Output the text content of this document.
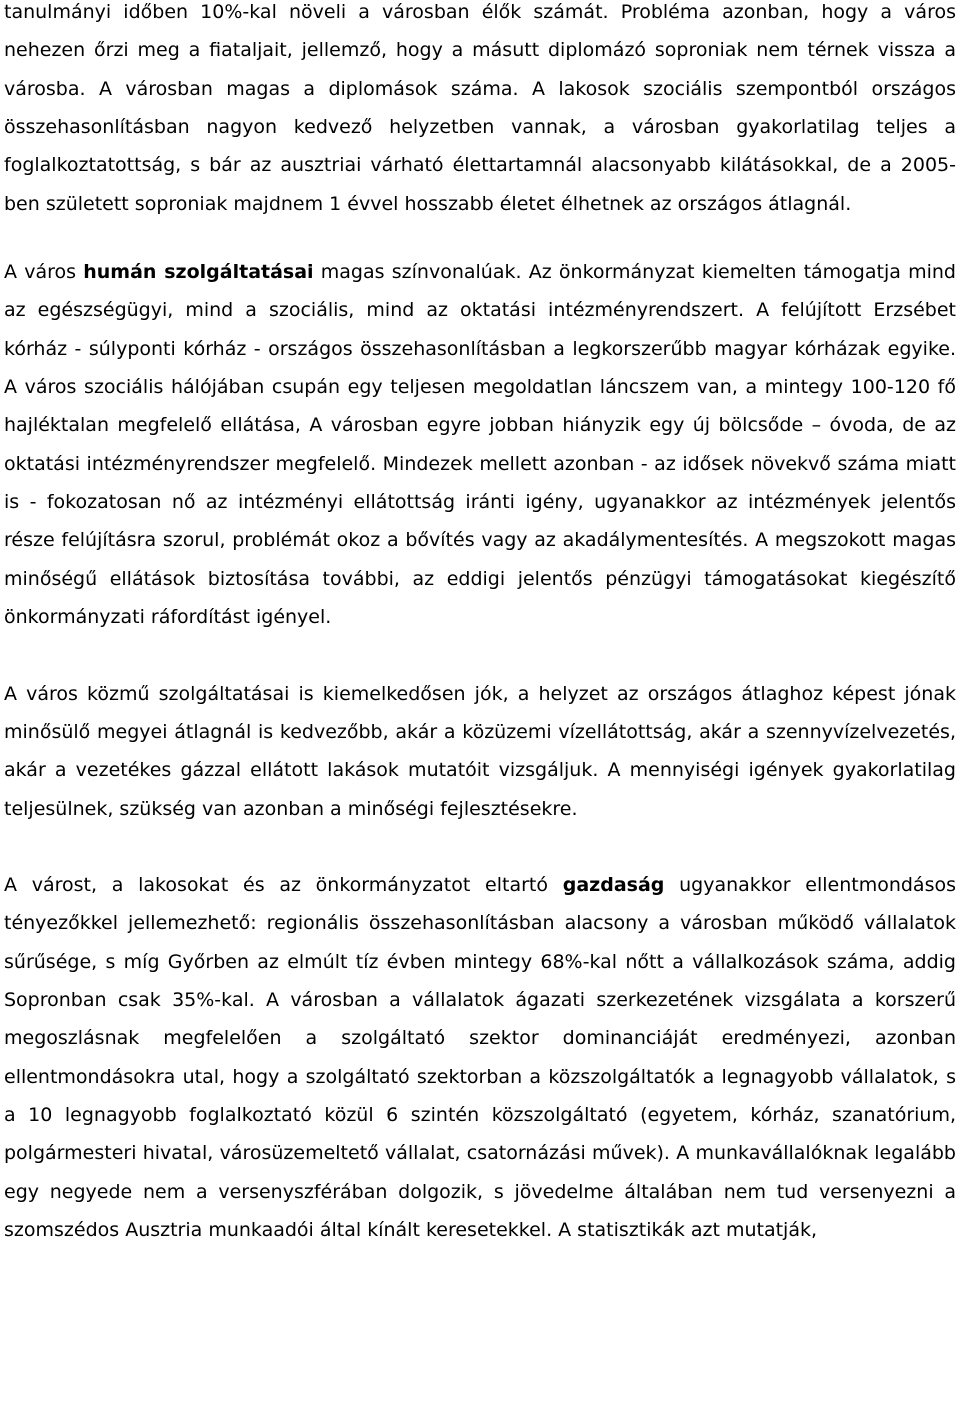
tanulmányi időben 10%-kal növeli a városban élők számát. Probléma azonban, hogy a város nehezen őrzi meg a fiataljait, jellemző, hogy a másutt diplomázó soproniak nem térnek vissza a városba. A városban magas a diplomások száma. A lakosok szociális szempontból országos összehasonlításban nagyon kedvező helyzetben vannak, a városban gyakorlatilag teljes a foglalkoztatottság, s bár az ausztriai várható élettartamnál alacsonyabb kilátásokkal, de a 2005-ben született soproniak majdnem 1 évvel hosszabb életet élhetnek az országos átlagnál.

A város humán szolgáltatásai magas színvonalúak. Az önkormányzat kiemelten támogatja mind az egészségügyi, mind a szociális, mind az oktatási intézményrendszert. A felújított Erzsébet kórház - súlyponti kórház - országos összehasonlításban a legkorszerűbb magyar kórházak egyike. A város szociális hálójában csupán egy teljesen megoldatlan láncszem van, a mintegy 100-120 fő hajléktalan megfelelő ellátása, A városban egyre jobban hiányzik egy új bölcsőde – óvoda, de az oktatási intézményrendszer megfelelő. Mindezek mellett azonban - az idősek növekvő száma miatt is - fokozatosan nő az intézményi ellátottság iránti igény, ugyanakkor az intézmények jelentős része felújításra szorul, problémát okoz a bővítés vagy az akadálymentesítés. A megszokott magas minőségű ellátások biztosítása további, az eddigi jelentős pénzügyi támogatásokat kiegészítő önkormányzati ráfordítást igényel.

A város közmű szolgáltatásai is kiemelkedősen jók, a helyzet az országos átlaghoz képest jónak minősülő megyei átlagnál is kedvezőbb, akár a közüzemi vízellátottság, akár a szennyvízelvezetés, akár a vezetékes gázzal ellátott lakások mutatóit vizsgáljuk. A mennyiségi igények gyakorlatilag teljesülnek, szükség van azonban a minőségi fejlesztésekre.

A várost, a lakosokat és az önkormányzatot eltartó gazdaság ugyanakkor ellentmondásos tényezőkkel jellemezhető: regionális összehasonlításban alacsony a városban működő vállalatok sűrűsége, s míg Győrben az elmúlt tíz évben mintegy 68%-kal nőtt a vállalkozások száma, addig Sopronban csak 35%-kal. A városban a vállalatok ágazati szerkezetének vizsgálata a korszerű megoszlásnak megfelelően a szolgáltató szektor dominanciáját eredményezi, azonban ellentmondásokra utal, hogy a szolgáltató szektorban a közszolgáltatók a legnagyobb vállalatok, s a 10 legnagyobb foglalkoztató közül 6 szintén közszolgáltató (egyetem, kórház, szanatórium, polgármesteri hivatal, városüzemeltető vállalat, csatornázási művek). A munkavállalóknak legalább egy negyede nem a versenyszférában dolgozik, s jövedelme általában nem tud versenyezni a szomszédos Ausztria munkaadói által kínált keresetekkel. A statisztikák azt mutatják,
